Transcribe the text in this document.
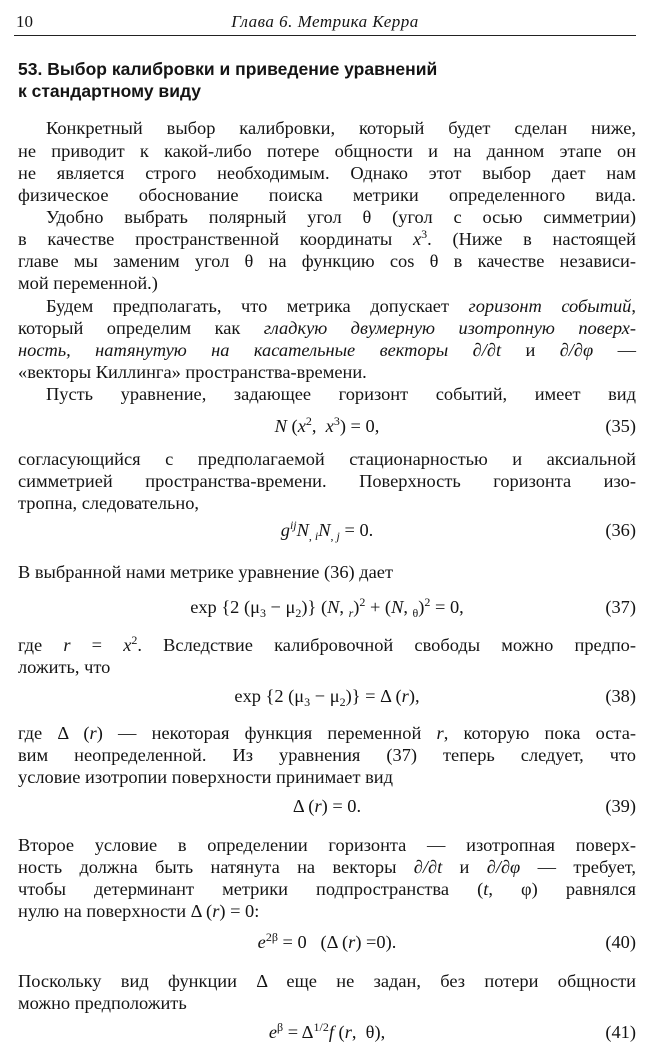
10	Глава 6. Метрика Керра
53. Выбор калибровки и приведение уравнений
к стандартному виду
Конкретный выбор калибровки, который будет сделан ниже,
не приводит к какой-либо потере общности и на данном этапе он
не является строго необходимым. Однако этот выбор дает нам
физическое обоснование поиска метрики определенного вида.
Удобно выбрать полярный угол θ (угол с осью симметрии)
в качестве пространственной координаты $x^3$. (Ниже в настоящей
главе мы заменим угол θ на функцию cos θ в качестве независи-
мой переменной.)
Будем предполагать, что метрика допускает горизонт событий,
который определим как гладкую двумерную изотропную поверх-
ность, натянутую на касательные векторы ∂/∂t и ∂/∂φ —
«векторы Киллинга» пространства-времени.
Пусть уравнение, задающее горизонт событий, имеет вид
N ($x^2$,  $x^3) = 0$,	(35)
согласующийся с предполагаемой стационарностью и аксиальной
симметрией пространства-времени. Поверхность горизонта изо-
тропна, следовательно,
$g^{ij}N_{, i}N_{, j} = 0$.	(36)
В выбранной нами метрике уравнение (36) дает
exp {2 $(\mu_3 - \mu_2)$} (N, $_r$)$^2$ + (N, $_\theta$)$^2$ = 0,	(37)
где $r = x^2$. Вследствие калибровочной свободы можно предпо-
ложить, что
exp {2 $(\mu_3 - \mu_2)\} = \Delta$ (r),	(38)
где Δ (r) — некоторая функция переменной r, которую пока оста-
вим неопределенной. Из уравнения (37) теперь следует, что
условие изотропии поверхности принимает вид
Δ (r) = 0.	(39)
Второе условие в определении горизонта — изотропная поверх-
ность должна быть натянута на векторы ∂/∂t и ∂/∂φ — требует,
чтобы детерминант метрики подпространства (t, φ) равнялся
нулю на поверхности Δ (r) = 0:
$e^{2\beta} = 0$   (Δ (r) =0).	(40)
Поскольку вид функции Δ еще не задан, без потери общности
можно предположить
$e^\beta = \Delta^{1/2}f$ (r,  θ),	(41)
